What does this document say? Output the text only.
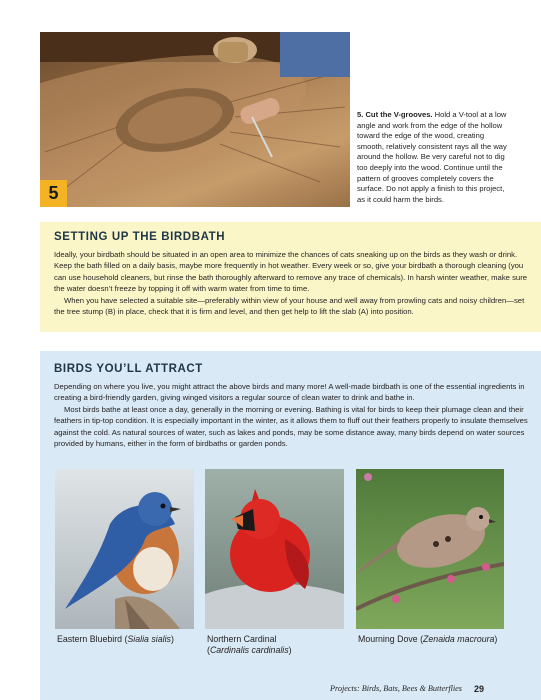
5
5. Cut the V-grooves. Hold a V-tool at a low angle and work from the edge of the hollow toward the edge of the wood, creating smooth, relatively consistent rays all the way around the hollow. Be very careful not to dig too deeply into the wood. Continue until the pattern of grooves completely covers the surface. Do not apply a finish to this project, as it could harm the birds.
SETTING UP THE BIRDBATH

Ideally, your birdbath should be situated in an open area to minimize the chances of cats sneaking up on the birds as they wash or drink. Keep the bath filled on a daily basis, maybe more frequently in hot weather. Every week or so, give your birdbath a thorough cleaning (you can use household cleaners, but rinse the bath thoroughly afterward to remove any trace of chemicals). In harsh winter weather, make sure the water doesn’t freeze by topping it off with warm water from time to time.

When you have selected a suitable site—preferably within view of your house and well away from prowling cats and noisy children—set the tree stump (B) in place, check that it is firm and level, and then get help to lift the slab (A) into position.

BIRDS YOU’LL ATTRACT

Depending on where you live, you might attract the above birds and many more! A well-made birdbath is one of the essential ingredients in creating a bird-friendly garden, giving winged visitors a regular source of clean water to drink and bathe in.

Most birds bathe at least once a day, generally in the morning or evening. Bathing is vital for birds to keep their plumage clean and their feathers in tip-top condition. It is especially important in the winter, as it allows them to fluff out their feathers properly to insulate themselves against the cold. As natural sources of water, such as lakes and ponds, may be some distance away, many birds depend on water sources provided by humans, either in the form of birdbaths or garden ponds.

Eastern Bluebird (Sialia sialis)	Northern Cardinal
(Cardinalis cardinalis)
Mourning Dove (Zenaida macroura)
Projects: Birds, Bats, Bees & Butterflies 29
